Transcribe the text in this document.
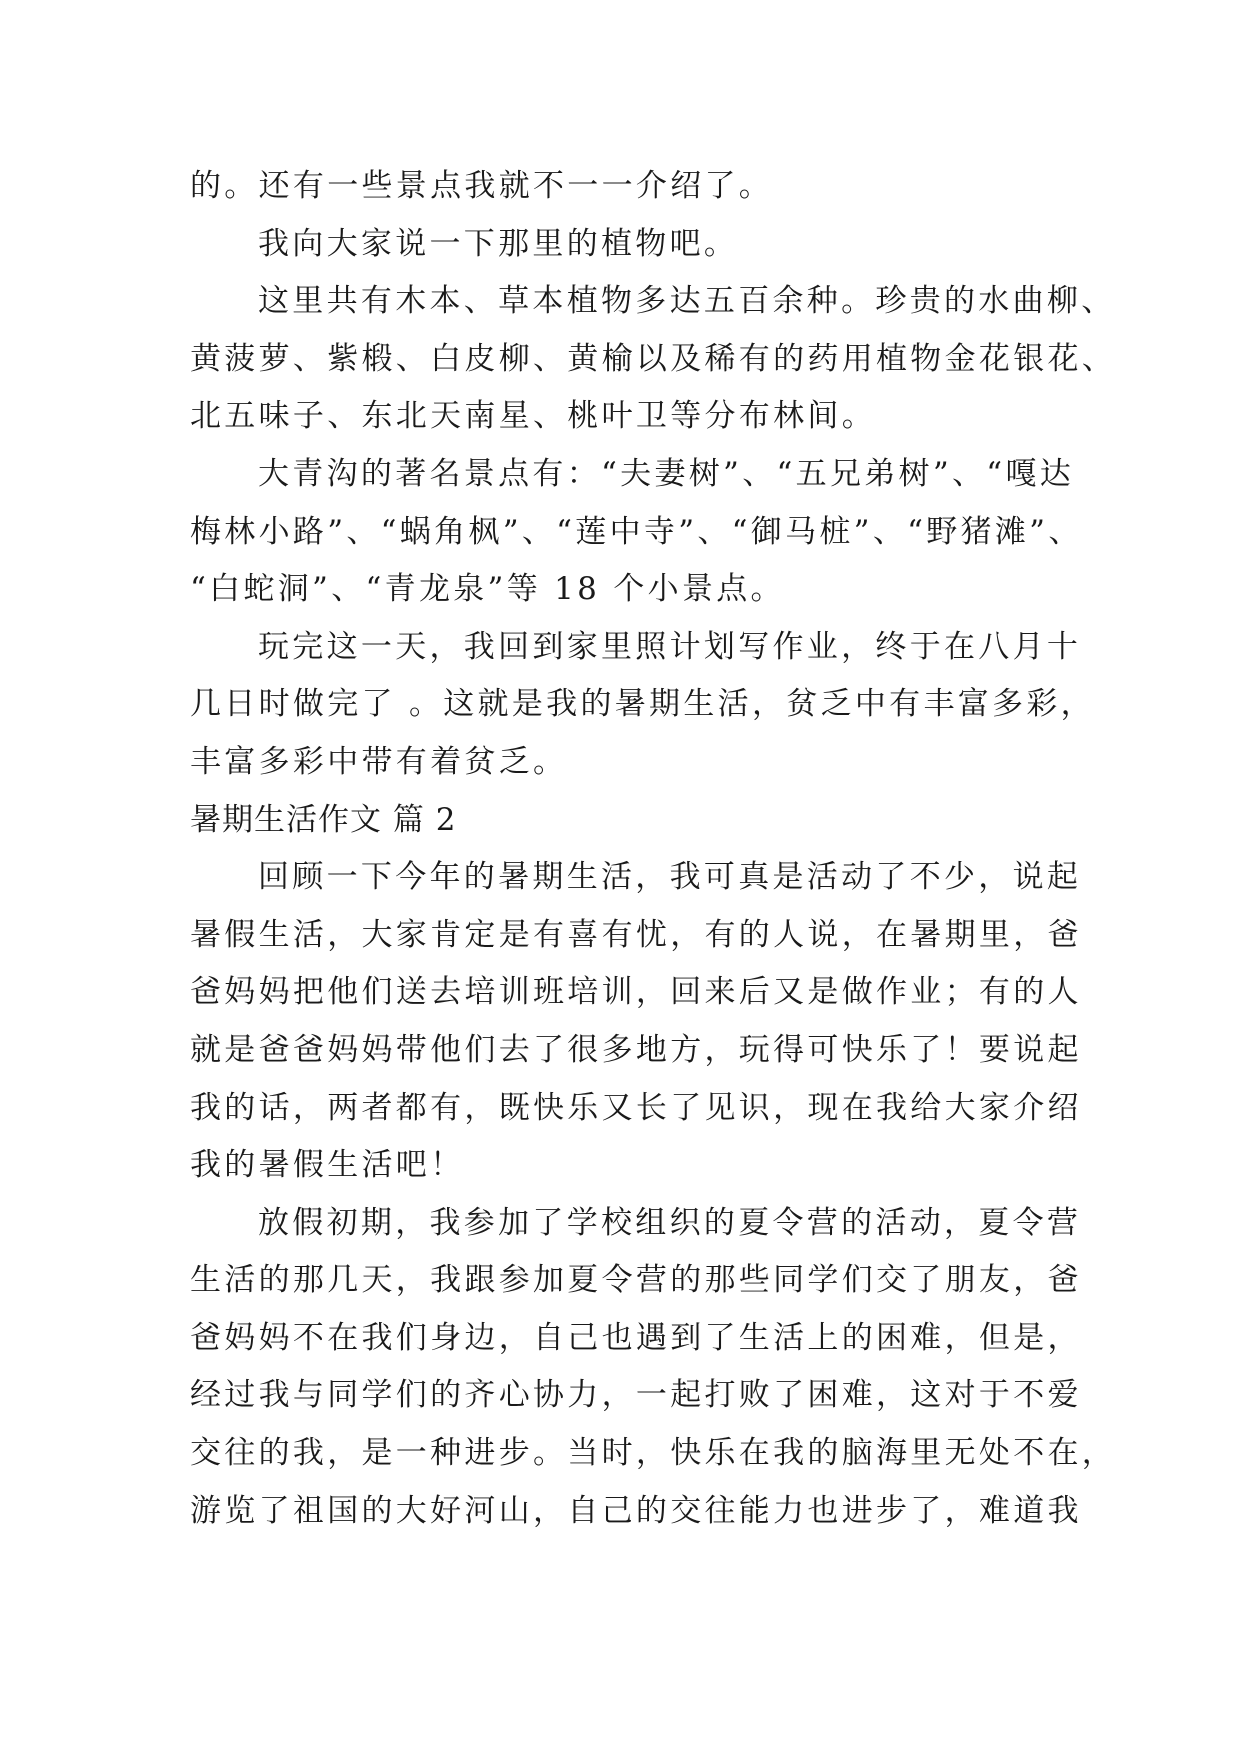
的。还有一些景点我就不一一介绍了。
我向大家说一下那里的植物吧。
这里共有木本、草本植物多达五百余种。珍贵的水曲柳、
黄菠萝、紫椴、白皮柳、黄榆以及稀有的药用植物金花银花、
北五味子、东北天南星、桃叶卫等分布林间。
大青沟的著名景点有：“夫妻树”、“五兄弟树”、“嘎达
梅林小路”、“蜗角枫”、“莲中寺”、“御马桩”、“野猪滩”、
“白蛇洞”、“青龙泉”等 18 个小景点。
玩完这一天，我回到家里照计划写作业，终于在八月十
几日时做完了 。这就是我的暑期生活，贫乏中有丰富多彩，
丰富多彩中带有着贫乏。
暑期生活作文 篇 2
回顾一下今年的暑期生活，我可真是活动了不少，说起
暑假生活，大家肯定是有喜有忧，有的人说，在暑期里，爸
爸妈妈把他们送去培训班培训，回来后又是做作业；有的人
就是爸爸妈妈带他们去了很多地方，玩得可快乐了！要说起
我的话，两者都有，既快乐又长了见识，现在我给大家介绍
我的暑假生活吧！
放假初期，我参加了学校组织的夏令营的活动，夏令营
生活的那几天，我跟参加夏令营的那些同学们交了朋友，爸
爸妈妈不在我们身边，自己也遇到了生活上的困难，但是，
经过我与同学们的齐心协力，一起打败了困难，这对于不爱
交往的我，是一种进步。当时，快乐在我的脑海里无处不在，
游览了祖国的大好河山，自己的交往能力也进步了，难道我
